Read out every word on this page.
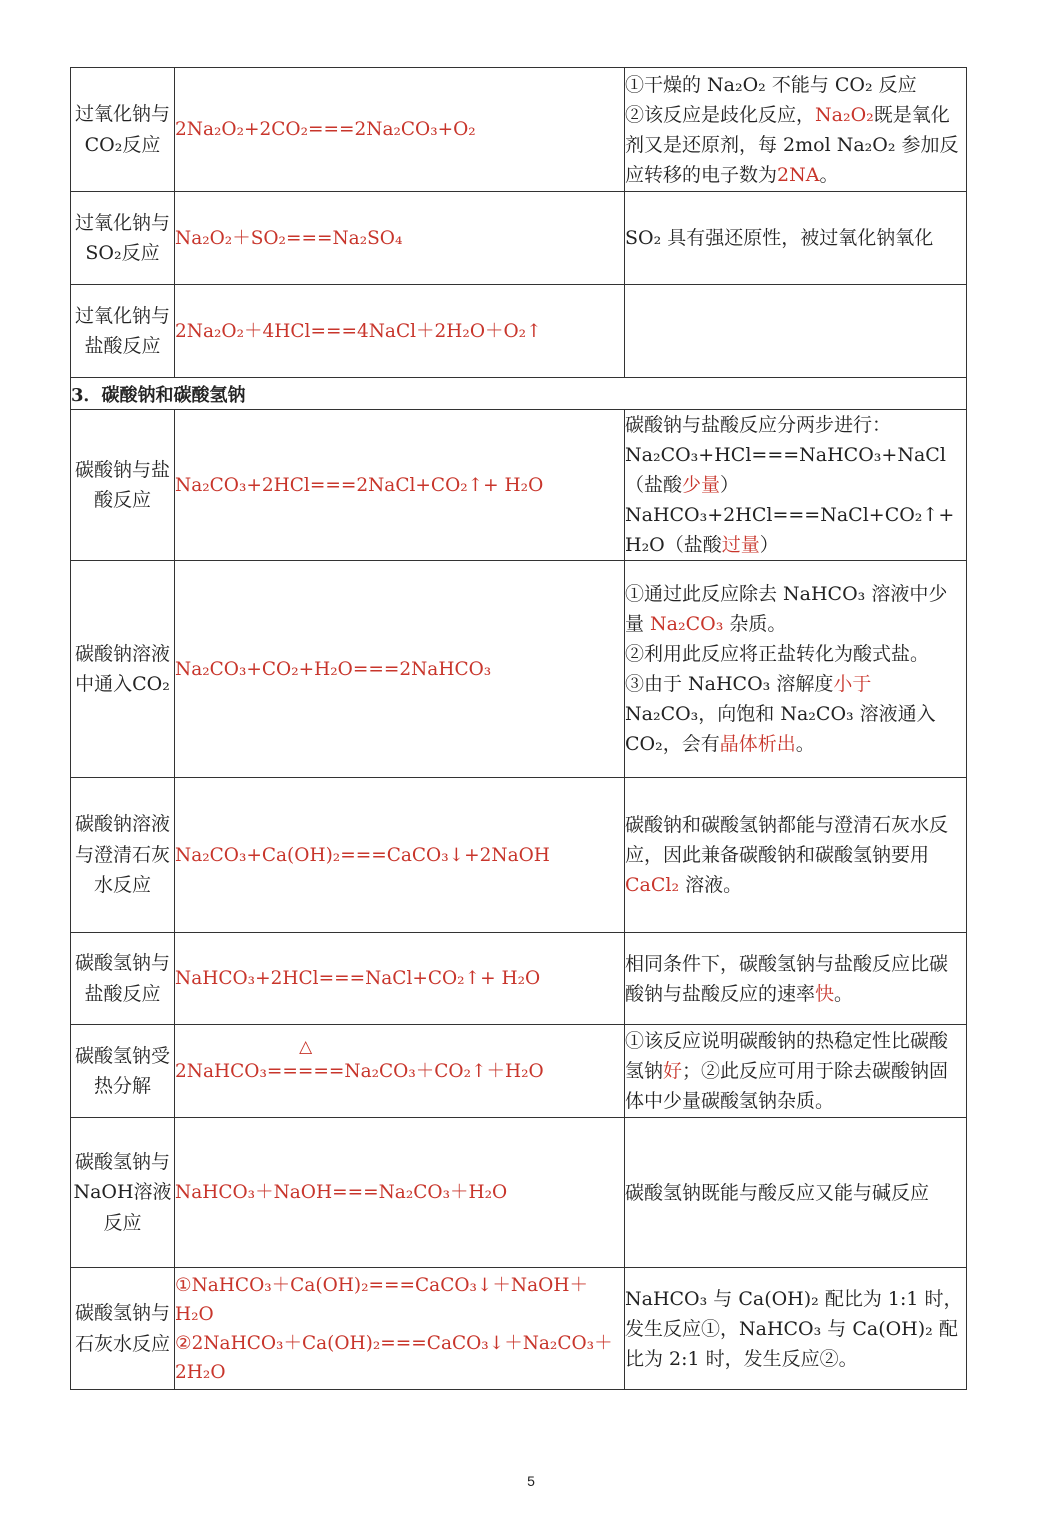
过氧化钠与CO₂反应	2Na₂O₂+2CO₂===2Na₂CO₃+O₂	①干燥的 Na₂O₂ 不能与 CO₂ 反应
②该反应是歧化反应，Na₂O₂既是氧化剂又是还原剂，每 2mol Na₂O₂ 参加反应转移的电子数为2NA。

过氧化钠与SO₂反应	Na₂O₂＋SO₂===Na₂SO₄	SO₂ 具有强还原性，被过氧化钠氧化
过氧化钠与盐酸反应	2Na₂O₂＋4HCl===4NaCl＋2H₂O＋O₂↑	
3．碳酸钠和碳酸氢钠		
碳酸钠与盐酸反应	Na₂CO₃+2HCl===2NaCl+CO₂↑+ H₂O	碳酸钠与盐酸反应分两步进行：
Na₂CO₃+HCl===NaHCO₃+NaCl
（盐酸少量）
NaHCO₃+2HCl===NaCl+CO₂↑+ H₂O（盐酸过量）

碳酸钠溶液中通入CO₂	Na₂CO₃+CO₂+H₂O===2NaHCO₃	①通过此反应除去 NaHCO₃ 溶液中少量 Na₂CO₃ 杂质。
②利用此反应将正盐转化为酸式盐。
③由于 NaHCO₃ 溶解度小于 Na₂CO₃，向饱和 Na₂CO₃ 溶液通入 CO₂，会有晶体析出。

碳酸钠溶液与澄清石灰水反应	Na₂CO₃+Ca(OH)₂===CaCO₃↓+2NaOH	碳酸钠和碳酸氢钠都能与澄清石灰水反应，因此兼备碳酸钠和碳酸氢钠要用 CaCl₂ 溶液。
碳酸氢钠与盐酸反应	NaHCO₃+2HCl===NaCl+CO₂↑+ H₂O	相同条件下，碳酸氢钠与盐酸反应比碳酸钠与盐酸反应的速率快。
碳酸氢钠受热分解	2NaHCO₃
△
=====Na₂CO₃＋CO₂↑＋H₂O	①该反应说明碳酸钠的热稳定性比碳酸氢钠好；②此反应可用于除去碳酸钠固体中少量碳酸氢钠杂质。
碳酸氢钠与NaOH溶液反应	NaHCO₃＋NaOH===Na₂CO₃＋H₂O	碳酸氢钠既能与酸反应又能与碱反应
碳酸氢钠与石灰水反应	①NaHCO₃＋Ca(OH)₂===CaCO₃↓＋NaOH＋H₂O
②2NaHCO₃＋Ca(OH)₂===CaCO₃↓＋Na₂CO₃＋2H₂O	NaHCO₃ 与 Ca(OH)₂ 配比为 1:1 时，发生反应①，NaHCO₃ 与 Ca(OH)₂ 配比为 2:1 时，发生反应②。
5
